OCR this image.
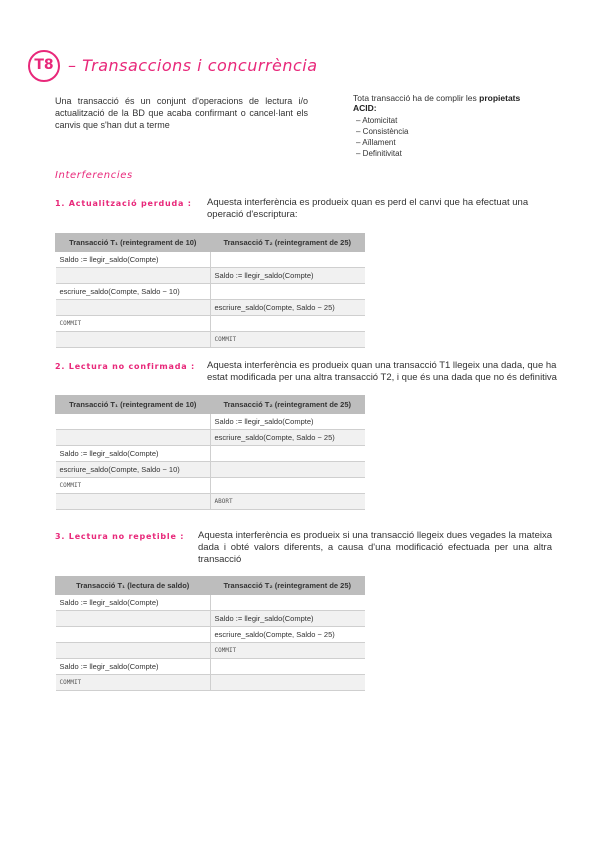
T8 – Transaccions i concurrència
Una transacció és un conjunt d'operacions de lectura i/o actualització de la BD que acaba confirmant o cancel·lant els canvis que s'han dut a terme
Tota transacció ha de complir les propietats ACID:
– Atomicitat
– Consistència
– Aïllament
– Definitivitat
Interferencies
1. Actualització perduda : Aquesta interferència es produeix quan es perd el canvi que ha efectuat una operació d'escriptura:
Transacció T₁ (reintegrament de 10)	Transacció T₂ (reintegrament de 25)
Saldo := llegir_saldo(Compte)	
	Saldo := llegir_saldo(Compte)
escriure_saldo(Compte, Saldo − 10)	
	escriure_saldo(Compte, Saldo − 25)
COMMIT	
	COMMIT
2. Lectura no confirmada : Aquesta interferència es produeix quan una transacció T1 llegeix una dada, que ha estat modificada per una altra transacció T2, i que és una dada que no és definitiva
Transacció T₁ (reintegrament de 10)	Transacció T₂ (reintegrament de 25)
	Saldo := llegir_saldo(Compte)
	escriure_saldo(Compte, Saldo − 25)
Saldo := llegir_saldo(Compte)	
escriure_saldo(Compte, Saldo − 10)	
COMMIT	
	ABORT
3. Lectura no repetible : Aquesta interferència es produeix si una transacció llegeix dues vegades la mateixa dada i obté valors diferents, a causa d'una modificació efectuada per una altra transacció
Transacció T₁ (lectura de saldo)	Transacció T₂ (reintegrament de 25)
Saldo := llegir_saldo(Compte)	
	Saldo := llegir_saldo(Compte)
	escriure_saldo(Compte, Saldo − 25)
	COMMIT
Saldo := llegir_saldo(Compte)	
COMMIT	
